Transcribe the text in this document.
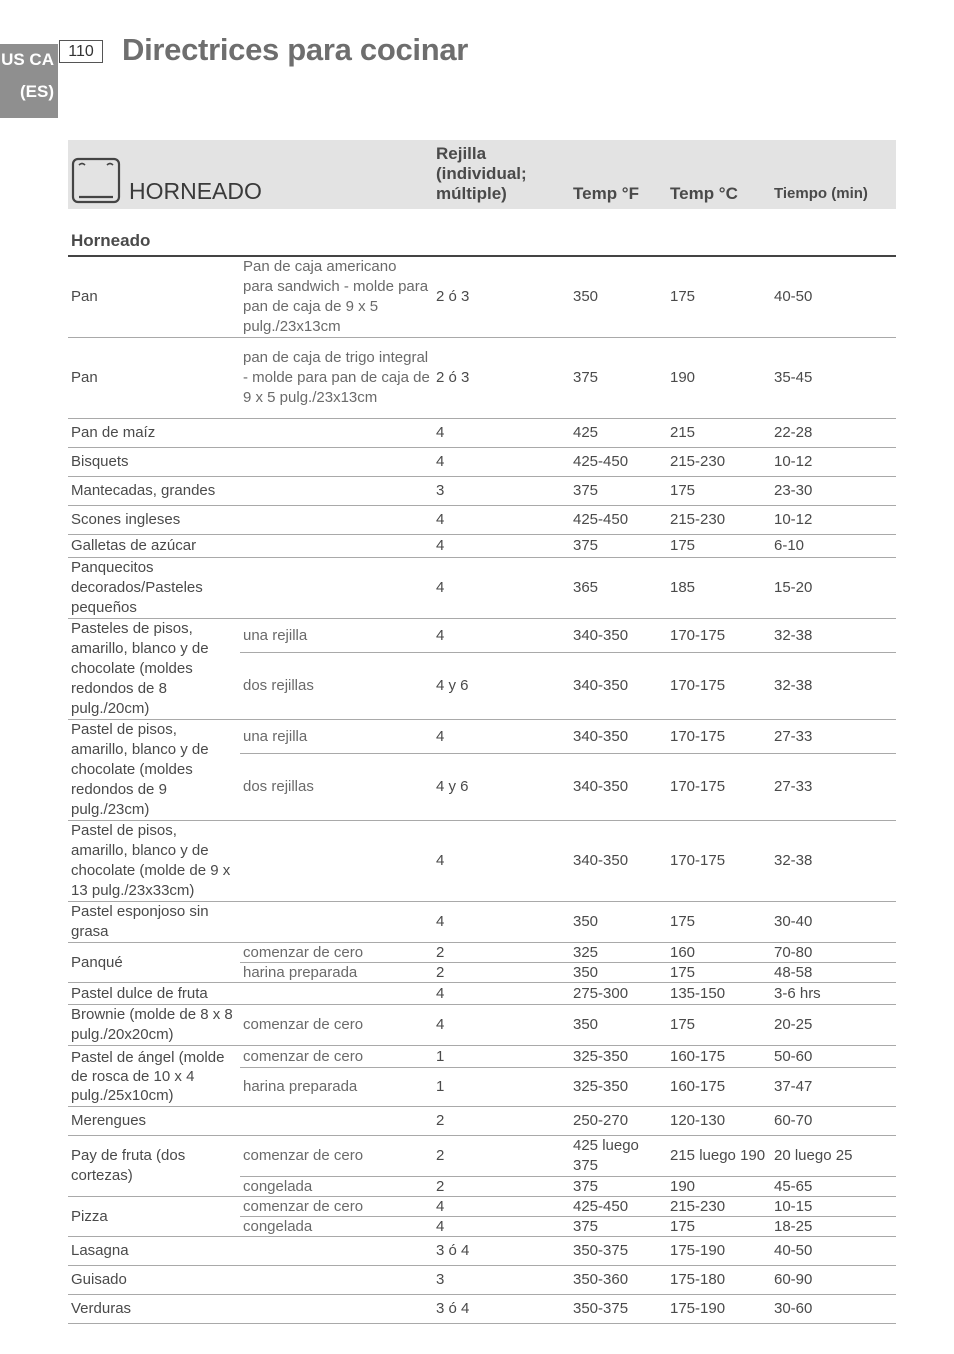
US CA
(ES)
110 Directrices para cocinar
HORNEADO		Rejilla (individual; múltiple)	Temp °F	Temp °C	Tiempo (min)
Horneado					
Pan	Pan de caja americano para sandwich - molde para pan de caja de 9 x 5 pulg./23x13cm	2 ó 3	350	175	40-50
Pan	pan de caja de trigo integral - molde para pan de caja de 9 x 5 pulg./23x13cm	2 ó 3	375	190	35-45
Pan de maíz		4	425	215	22-28
Bisquets		4	425-450	215-230	10-12
Mantecadas, grandes		3	375	175	23-30
Scones ingleses		4	425-450	215-230	10-12
Galletas de azúcar		4	375	175	6-10
Panquecitos decorados/Pasteles pequeños		4	365	185	15-20
Pasteles de pisos, amarillo, blanco y de chocolate (moldes redondos de 8 pulg./20cm)	una rejilla	4	340-350	170-175	32-38
	dos rejillas	4 y 6	340-350	170-175	32-38
Pastel de pisos, amarillo, blanco y de chocolate (moldes redondos de 9 pulg./23cm)	una rejilla	4	340-350	170-175	27-33
	dos rejillas	4 y 6	340-350	170-175	27-33
Pastel de pisos, amarillo, blanco y de chocolate (molde de 9 x 13 pulg./23x33cm)		4	340-350	170-175	32-38
Pastel esponjoso sin grasa		4	350	175	30-40
Panqué	comenzar de cero	2	325	160	70-80
	harina preparada	2	350	175	48-58
Pastel dulce de fruta		4	275-300	135-150	3-6 hrs
Brownie (molde de 8 x 8 pulg./20x20cm)	comenzar de cero	4	350	175	20-25
Pastel de ángel (molde de rosca de 10 x 4 pulg./25x10cm)	comenzar de cero	1	325-350	160-175	50-60
	harina preparada	1	325-350	160-175	37-47
Merengues		2	250-270	120-130	60-70
Pay de fruta (dos cortezas)	comenzar de cero	2	425 luego 375	215 luego 190	20 luego 25
	congelada	2	375	190	45-65
Pizza	comenzar de cero	4	425-450	215-230	10-15
	congelada	4	375	175	18-25
Lasagna		3 ó 4	350-375	175-190	40-50
Guisado		3	350-360	175-180	60-90
Verduras		3 ó 4	350-375	175-190	30-60
